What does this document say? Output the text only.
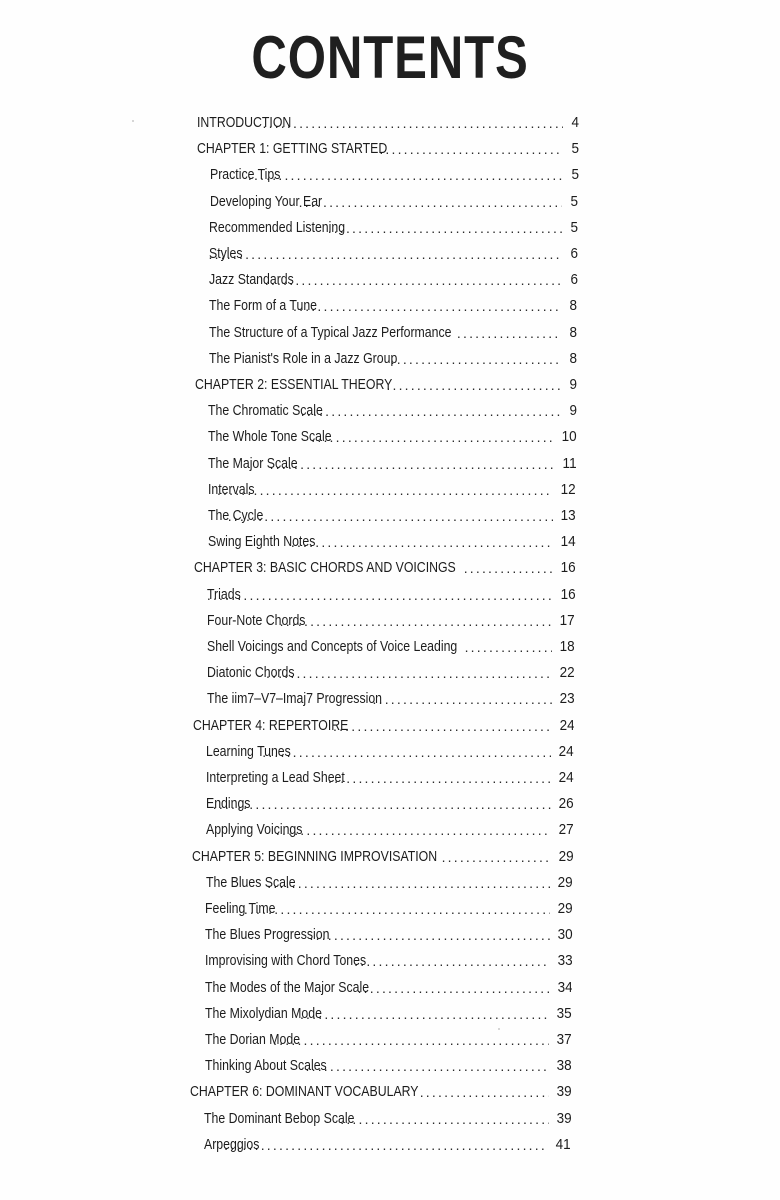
CONTENTS
INTRODUCTION .....	4
CHAPTER 1: GETTING STARTED .....	5
Practice Tips .....	5
Developing Your Ear .....	5
Recommended Listening .....	5
Styles .....	6
Jazz Standards .....	6
The Form of a Tune .....	8
The Structure of a Typical Jazz Performance .....	8
The Pianist's Role in a Jazz Group .....	8
CHAPTER 2: ESSENTIAL THEORY .....	9
The Chromatic Scale .....	9
The Whole Tone Scale .....	10
The Major Scale .....	11
Intervals .....	12
The Cycle .....	13
Swing Eighth Notes .....	14
CHAPTER 3: BASIC CHORDS AND VOICINGS .....	16
Triads .....	16
Four-Note Chords .....	17
Shell Voicings and Concepts of Voice Leading .....	18
Diatonic Chords .....	22
The iim7–V7–Imaj7 Progression .....	23
CHAPTER 4: REPERTOIRE .....	24
Learning Tunes .....	24
Interpreting a Lead Sheet .....	24
Endings .....	26
Applying Voicings .....	27
CHAPTER 5: BEGINNING IMPROVISATION .....	29
The Blues Scale .....	29
Feeling Time .....	29
The Blues Progression .....	30
Improvising with Chord Tones .....	33
The Modes of the Major Scale .....	34
The Mixolydian Mode .....	35
The Dorian Mode .....	37
Thinking About Scales .....	38
CHAPTER 6: DOMINANT VOCABULARY .....	39
The Dominant Bebop Scale .....	39
Arpeggios .....	41
